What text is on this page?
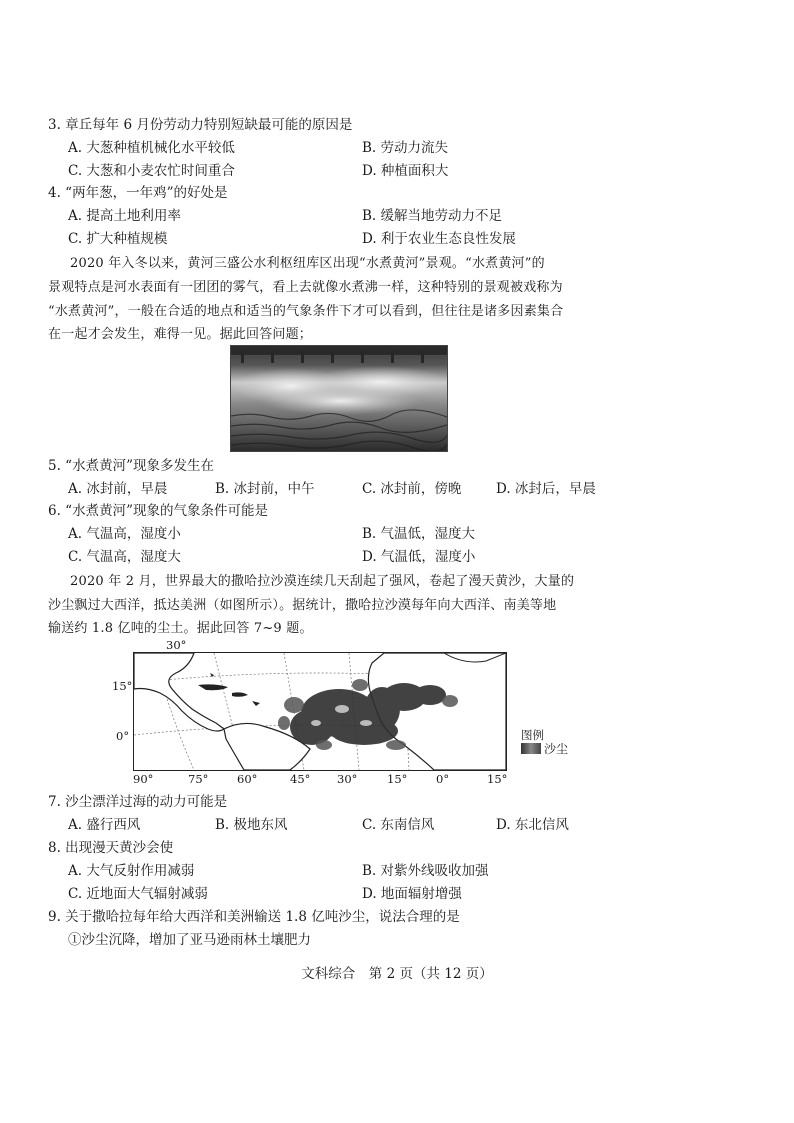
3. 章丘每年 6 月份劳动力特别短缺最可能的原因是
A. 大葱种植机械化水平较低	B. 劳动力流失
C. 大葱和小麦农忙时间重合	D. 种植面积大
4. “两年葱，一年鸡”的好处是
A. 提高土地利用率	B. 缓解当地劳动力不足
C. 扩大种植规模	D. 利于农业生态良性发展
2020 年入冬以来，黄河三盛公水利枢纽库区出现“水煮黄河”景观。“水煮黄河”的
景观特点是河水表面有一团团的雾气，看上去就像水煮沸一样，这种特别的景观被戏称为
“水煮黄河”，一般在合适的地点和适当的气象条件下才可以看到，但往往是诸多因素集合
在一起才会发生，难得一见。据此回答问题；
5. “水煮黄河”现象多发生在
A. 冰封前，早晨	B. 冰封前，中午	C. 冰封前，傍晚	D. 冰封后，早晨
6. “水煮黄河”现象的气象条件可能是
A. 气温高，湿度小	B. 气温低，湿度大
C. 气温高，湿度大	D. 气温低，湿度小
2020 年 2 月，世界最大的撒哈拉沙漠连续几天刮起了强风，卷起了漫天黄沙，大量的
沙尘飘过大西洋，抵达美洲（如图所示）。据统计，撒哈拉沙漠每年向大西洋、南美等地
输送约 1.8 亿吨的尘土。据此回答 7~9 题。
30°
15°
0°
90°	75° 60°	45° 30°	15° 0°	15°
图例
沙尘
7. 沙尘漂洋过海的动力可能是
A. 盛行西风	B. 极地东风	C. 东南信风	D. 东北信风
8. 出现漫天黄沙会使
A. 大气反射作用减弱	B. 对紫外线吸收加强
C. 近地面大气辐射减弱	D. 地面辐射增强
9. 关于撒哈拉每年给大西洋和美洲输送 1.8 亿吨沙尘，说法合理的是
①沙尘沉降，增加了亚马逊雨林土壤肥力
文科综合　第 2 页（共 12 页）
